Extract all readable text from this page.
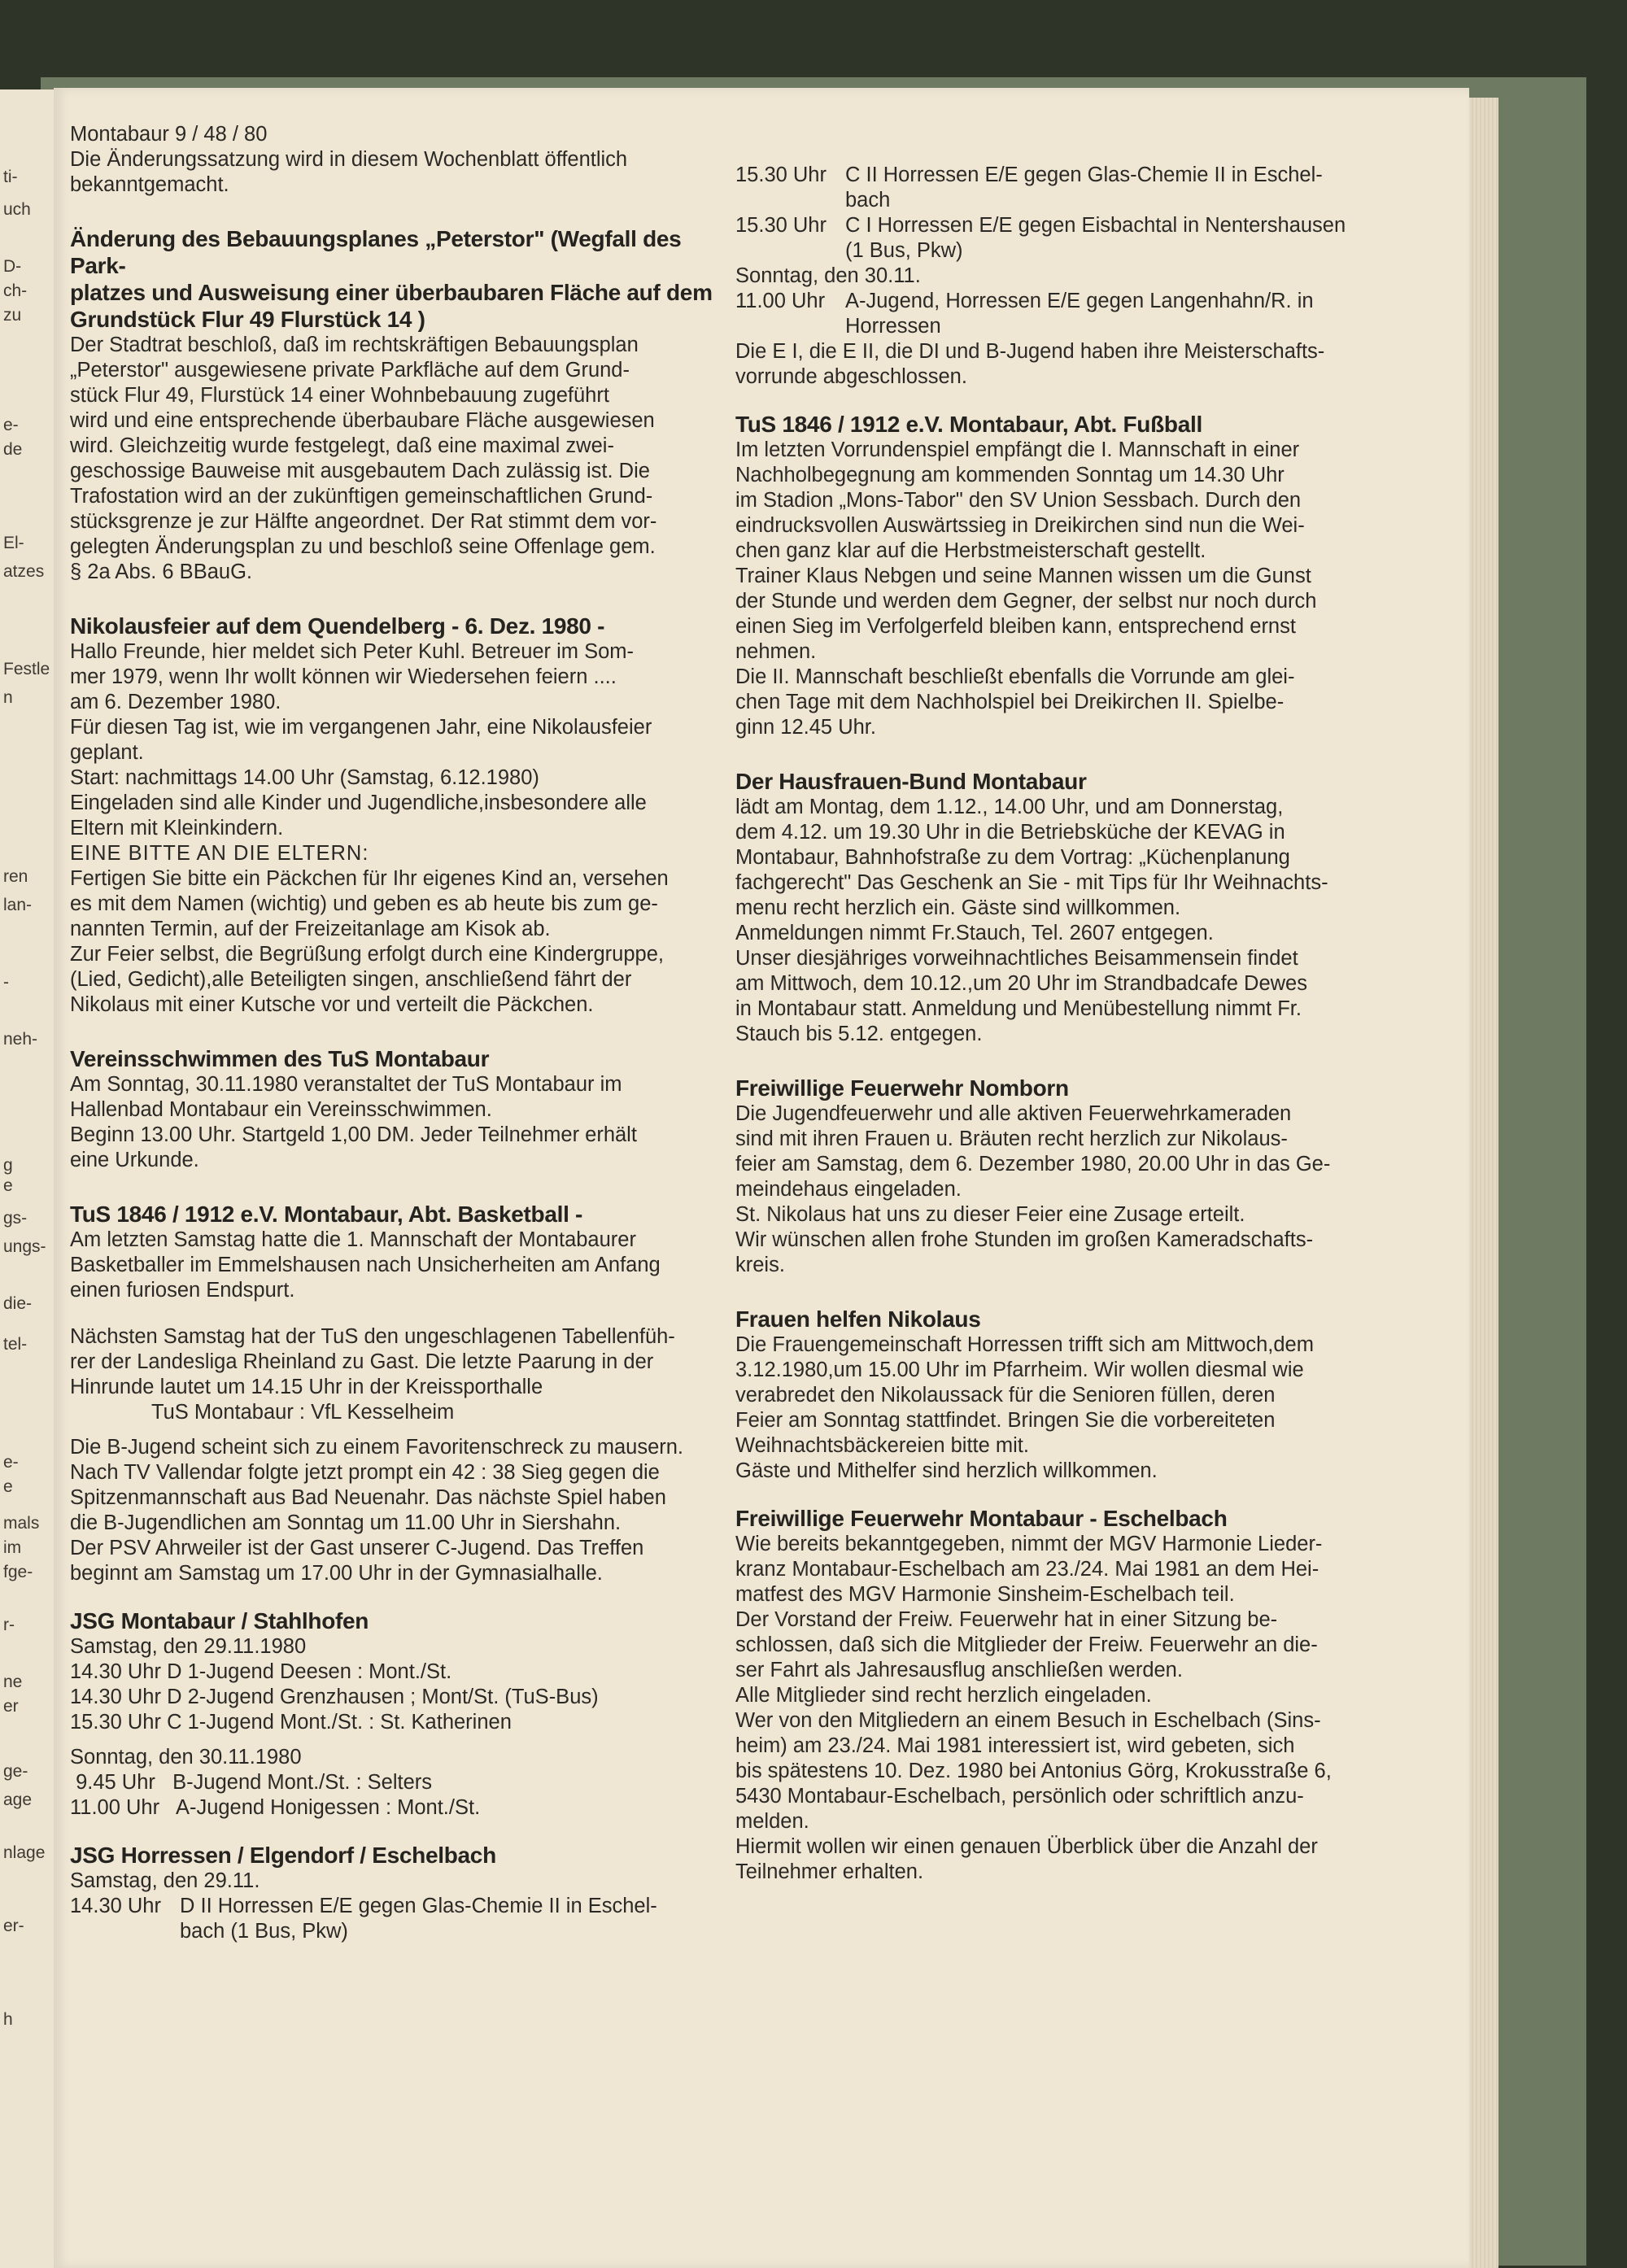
ti-
uch
D-
ch-
zu
e-
de
El-
atzes
Festle
n
ren
lan-
-
neh-
g
e
gs-
ungs-
die-
tel-
e-
e
mals
im
fge-
r-
ne
er
ge-
age
nlage
er-
h

Montabaur 9 / 48 / 80

Die Änderungssatzung wird in diesem Wochenblatt öffentlich
bekanntgemacht.

Änderung des Bebauungsplanes „Peterstor" (Wegfall des Park-
platzes und Ausweisung einer überbaubaren Fläche auf dem
Grundstück Flur 49 Flurstück 14 )

Der Stadtrat beschloß, daß im rechtskräftigen Bebauungsplan
„Peterstor" ausgewiesene private Parkfläche auf dem Grund-
stück Flur 49, Flurstück 14 einer Wohnbebauung zugeführt
wird und eine entsprechende überbaubare Fläche ausgewiesen
wird. Gleichzeitig wurde festgelegt, daß eine maximal zwei-
geschossige Bauweise mit ausgebautem Dach zulässig ist. Die
Trafostation wird an der zukünftigen gemeinschaftlichen Grund-
stücksgrenze je zur Hälfte angeordnet. Der Rat stimmt dem vor-
gelegten Änderungsplan zu und beschloß seine Offenlage gem.
§ 2a Abs. 6 BBauG.

Nikolausfeier auf dem Quendelberg - 6. Dez. 1980 -

Hallo Freunde, hier meldet sich Peter Kuhl. Betreuer im Som-
mer 1979, wenn Ihr wollt können wir Wiedersehen feiern ....
am 6. Dezember 1980.
Für diesen Tag ist, wie im vergangenen Jahr, eine Nikolausfeier
geplant.
Start: nachmittags 14.00 Uhr (Samstag, 6.12.1980)
Eingeladen sind alle Kinder und Jugendliche,insbesondere alle
Eltern mit Kleinkindern.

EINE BITTE AN DIE ELTERN:

Fertigen Sie bitte ein Päckchen für Ihr eigenes Kind an, versehen
es mit dem Namen (wichtig) und geben es ab heute bis zum ge-
nannten Termin, auf der Freizeitanlage am Kisok ab.
Zur Feier selbst, die Begrüßung erfolgt durch eine Kindergruppe,
(Lied, Gedicht),alle Beteiligten singen, anschließend fährt der
Nikolaus mit einer Kutsche vor und verteilt die Päckchen.

Vereinsschwimmen des TuS Montabaur

Am Sonntag, 30.11.1980 veranstaltet der TuS Montabaur im
Hallenbad Montabaur ein Vereinsschwimmen.
Beginn 13.00 Uhr. Startgeld 1,00 DM. Jeder Teilnehmer erhält
eine Urkunde.

TuS 1846 / 1912 e.V. Montabaur, Abt. Basketball -

Am letzten Samstag hatte die 1. Mannschaft der Montabaurer
Basketballer im Emmelshausen nach Unsicherheiten am Anfang
einen furiosen Endspurt.

Nächsten Samstag hat der TuS den ungeschlagenen Tabellenfüh-
rer der Landesliga Rheinland zu Gast. Die letzte Paarung in der
Hinrunde lautet um 14.15 Uhr in der Kreissporthalle

TuS Montabaur : VfL Kesselheim

Die B-Jugend scheint sich zu einem Favoritenschreck zu mausern.
Nach TV Vallendar folgte jetzt prompt ein 42 : 38 Sieg gegen die
Spitzenmannschaft aus Bad Neuenahr. Das nächste Spiel haben
die B-Jugendlichen am Sonntag um 11.00 Uhr in Siershahn.
Der PSV Ahrweiler ist der Gast unserer C-Jugend. Das Treffen
beginnt am Samstag um 17.00 Uhr in der Gymnasialhalle.

JSG Montabaur / Stahlhofen

Samstag, den 29.11.1980

14.30 Uhr D 1-Jugend Deesen : Mont./St.
14.30 Uhr D 2-Jugend Grenzhausen ; Mont/St. (TuS-Bus)
15.30 Uhr C 1-Jugend Mont./St. : St. Katherinen

Sonntag, den 30.11.1980

9.45 Uhr   B-Jugend Mont./St. : Selters
11.00 Uhr   A-Jugend Honigessen : Mont./St.

JSG Horressen / Elgendorf / Eschelbach

Samstag, den 29.11.

14.30 Uhr D II Horressen E/E gegen Glas-Chemie II in Eschel-
bach (1 Bus, Pkw)
15.30 Uhr C II Horressen E/E gegen Glas-Chemie II in Eschel-
bach
15.30 Uhr C I Horressen E/E gegen Eisbachtal in Nentershausen
(1 Bus, Pkw)

Sonntag, den 30.11.

11.00 Uhr A-Jugend, Horressen E/E gegen Langenhahn/R. in
Horressen

Die E I, die E II, die DI und B-Jugend haben ihre Meisterschafts-
vorrunde abgeschlossen.

TuS 1846 / 1912 e.V. Montabaur, Abt. Fußball

Im letzten Vorrundenspiel empfängt die I. Mannschaft in einer
Nachholbegegnung am kommenden Sonntag um 14.30 Uhr
im Stadion „Mons-Tabor" den SV Union Sessbach. Durch den
eindrucksvollen Auswärtssieg in Dreikirchen sind nun die Wei-
chen ganz klar auf die Herbstmeisterschaft gestellt.
Trainer Klaus Nebgen und seine Mannen wissen um die Gunst
der Stunde und werden dem Gegner, der selbst nur noch durch
einen Sieg im Verfolgerfeld bleiben kann, entsprechend ernst
nehmen.
Die II. Mannschaft beschließt ebenfalls die Vorrunde am glei-
chen Tage mit dem Nachholspiel bei Dreikirchen II. Spielbe-
ginn 12.45 Uhr.

Der Hausfrauen-Bund Montabaur

lädt am Montag, dem 1.12., 14.00 Uhr, und am Donnerstag,
dem 4.12. um 19.30 Uhr in die Betriebsküche der KEVAG in
Montabaur, Bahnhofstraße zu dem Vortrag: „Küchenplanung
fachgerecht" Das Geschenk an Sie - mit Tips für Ihr Weihnachts-
menu recht herzlich ein. Gäste sind willkommen.
Anmeldungen nimmt Fr.Stauch, Tel. 2607 entgegen.
Unser diesjähriges vorweihnachtliches Beisammensein findet
am Mittwoch, dem 10.12.,um 20 Uhr im Strandbadcafe Dewes
in Montabaur statt. Anmeldung und Menübestellung nimmt Fr.
Stauch bis 5.12. entgegen.

Freiwillige Feuerwehr Nomborn

Die Jugendfeuerwehr und alle aktiven Feuerwehrkameraden
sind mit ihren Frauen u. Bräuten recht herzlich zur Nikolaus-
feier am Samstag, dem 6. Dezember 1980, 20.00 Uhr in das Ge-
meindehaus eingeladen.
St. Nikolaus hat uns zu dieser Feier eine Zusage erteilt.
Wir wünschen allen frohe Stunden im großen Kameradschafts-
kreis.

Frauen helfen Nikolaus

Die Frauengemeinschaft Horressen trifft sich am Mittwoch,dem
3.12.1980,um 15.00 Uhr im Pfarrheim. Wir wollen diesmal wie
verabredet den Nikolaussack für die Senioren füllen, deren
Feier am Sonntag stattfindet. Bringen Sie die vorbereiteten
Weihnachtsbäckereien bitte mit.
Gäste und Mithelfer sind herzlich willkommen.

Freiwillige Feuerwehr Montabaur - Eschelbach

Wie bereits bekanntgegeben, nimmt der MGV Harmonie Lieder-
kranz Montabaur-Eschelbach am 23./24. Mai 1981 an dem Hei-
matfest des MGV Harmonie Sinsheim-Eschelbach teil.
Der Vorstand der Freiw. Feuerwehr hat in einer Sitzung be-
schlossen, daß sich die Mitglieder der Freiw. Feuerwehr an die-
ser Fahrt als Jahresausflug anschließen werden.
Alle Mitglieder sind recht herzlich eingeladen.
Wer von den Mitgliedern an einem Besuch in Eschelbach (Sins-
heim) am 23./24. Mai 1981 interessiert ist, wird gebeten, sich
bis spätestens 10. Dez. 1980 bei Antonius Görg, Krokusstraße 6,
5430 Montabaur-Eschelbach, persönlich oder schriftlich anzu-
melden.
Hiermit wollen wir einen genauen Überblick über die Anzahl der
Teilnehmer erhalten.
